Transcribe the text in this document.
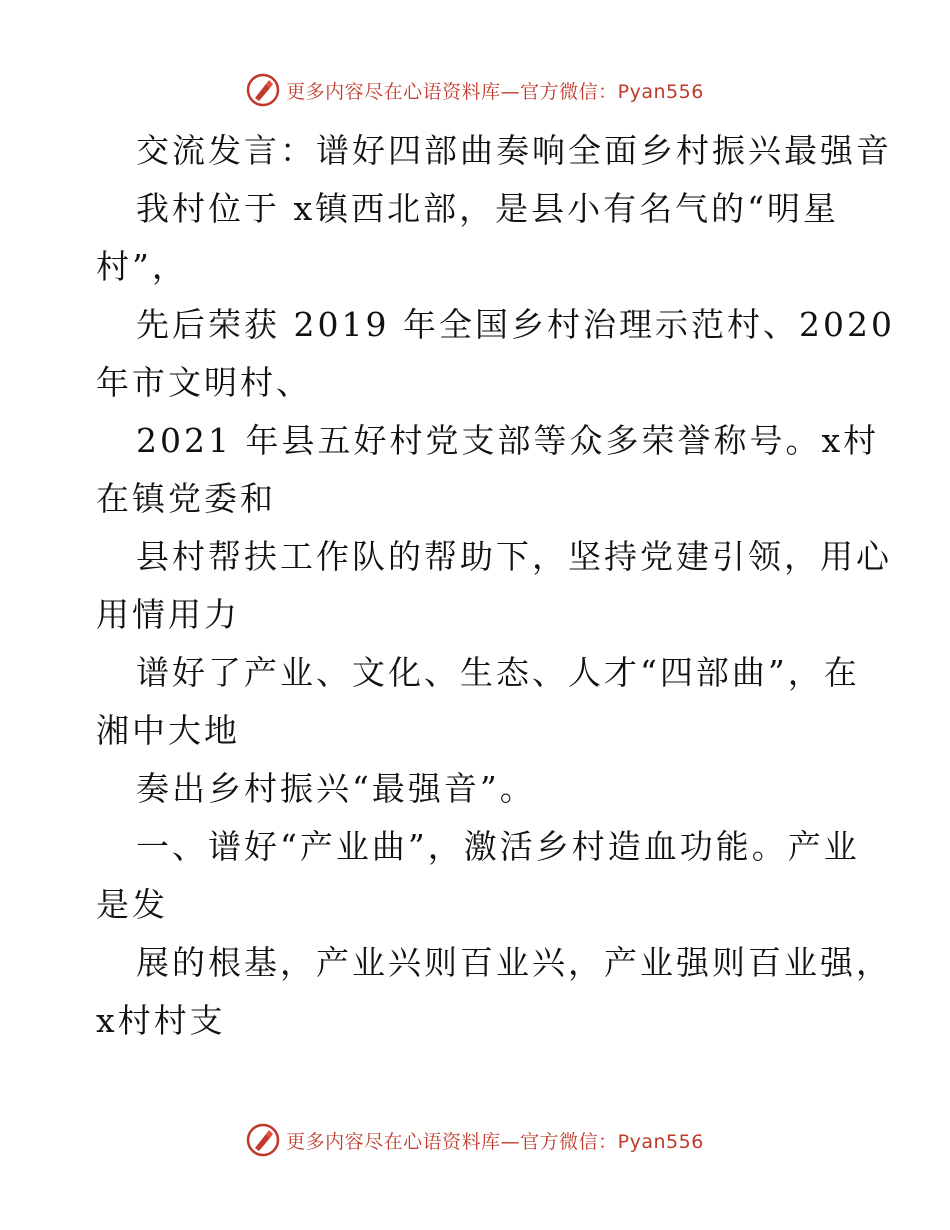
更多内容尽在心语资料库—官方微信：Pyan556
交流发言：谱好四部曲奏响全面乡村振兴最强音
我村位于 x镇西北部，是县小有名气的“明星
村”，
先后荣获 2019 年全国乡村治理示范村、2020
年市文明村、
2021 年县五好村党支部等众多荣誉称号。x村
在镇党委和
县村帮扶工作队的帮助下，坚持党建引领，用心
用情用力
谱好了产业、文化、生态、人才“四部曲”，在
湘中大地
奏出乡村振兴“最强音”。
一、谱好“产业曲”，激活乡村造血功能。产业
是发
展的根基，产业兴则百业兴，产业强则百业强，
x村村支
更多内容尽在心语资料库—官方微信：Pyan556
